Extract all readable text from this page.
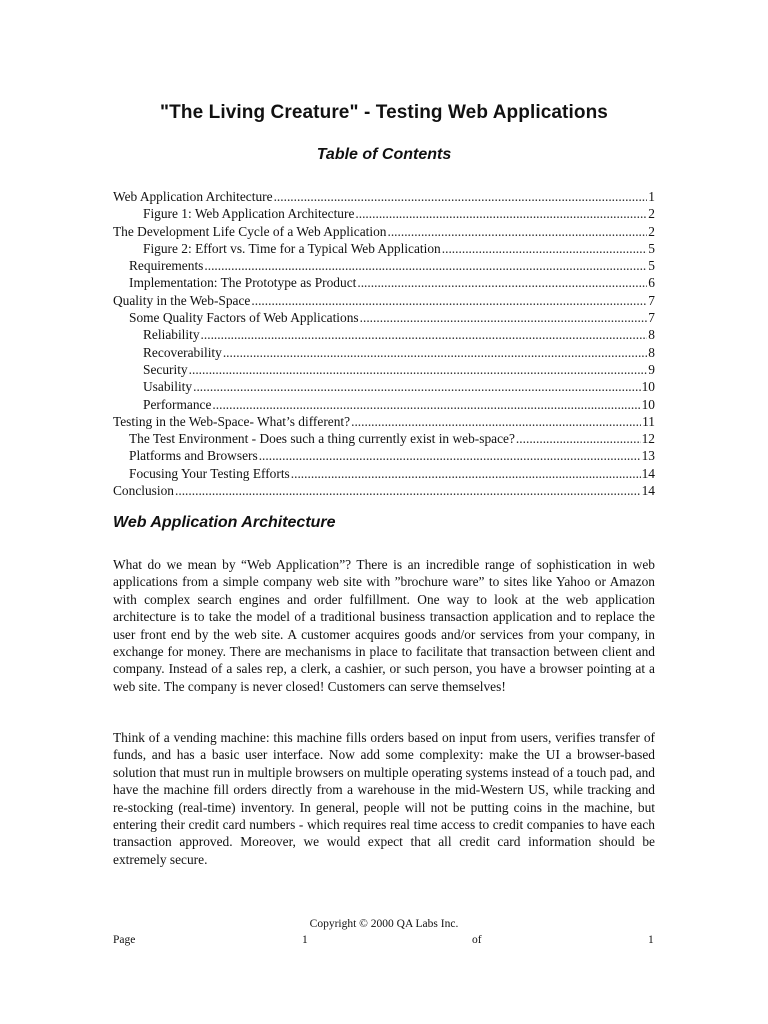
"The Living Creature" - Testing Web Applications
Table of Contents
Web Application Architecture .....	1
Figure 1: Web Application Architecture .....	2
The Development Life Cycle of a Web Application .....	2
Figure 2: Effort vs. Time for a Typical Web Application .....	5
Requirements .....	5
Implementation: The Prototype as Product .....	6
Quality in the Web-Space .....	7
Some Quality Factors of Web Applications .....	7
Reliability .....	8
Recoverability .....	8
Security .....	9
Usability .....	10
Performance .....	10
Testing in the Web-Space- What’s different? .....	11
The Test Environment - Does such a thing currently exist in web-space? .....	12
Platforms and Browsers .....	13
Focusing Your Testing Efforts .....	14
Conclusion .....	14
Web Application Architecture

What do we mean by “Web Application”? There is an incredible range of sophistication in web applications from a simple company web site with ”brochure ware” to sites like Yahoo or Amazon with complex search engines and order fulfillment. One way to look at the web application architecture is to take the model of a traditional business transaction application and to replace the user front end by the web site. A customer acquires goods and/or services from your company, in exchange for money. There are mechanisms in place to facilitate that transaction between client and company. Instead of a sales rep, a clerk, a cashier, or such person, you have a browser pointing at a web site. The company is never closed! Customers can serve themselves!

Think of a vending machine: this machine fills orders based on input from users, verifies transfer of funds, and has a basic user interface. Now add some complexity: make the UI a browser-based solution that must run in multiple browsers on multiple operating systems instead of a touch pad, and have the machine fill orders directly from a warehouse in the mid-Western US, while tracking and re-stocking (real-time) inventory. In general, people will not be putting coins in the machine, but entering their credit card numbers - which requires real time access to credit companies to have each transaction approved. Moreover, we would expect that all credit card information should be extremely secure.

Copyright © 2000 QA Labs Inc.
Page	1	of	1
